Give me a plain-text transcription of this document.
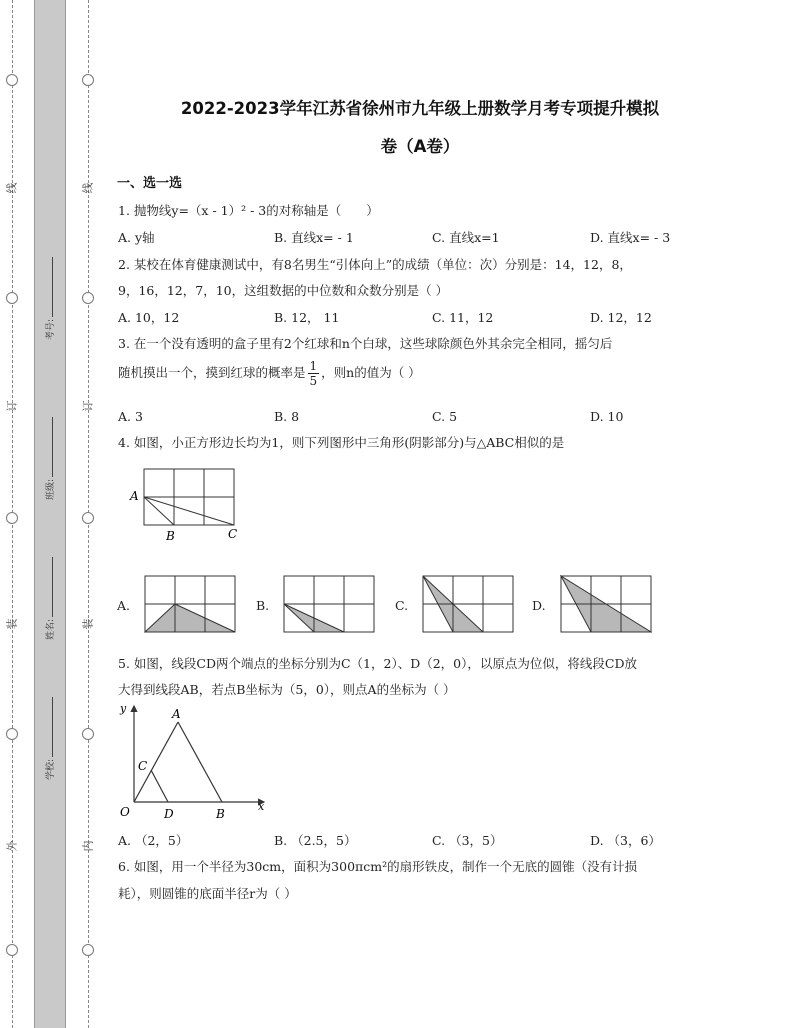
线
订
装
外
线
订
装
内
考号:
班级:
姓名:
学校:
2022-2023学年江苏省徐州市九年级上册数学月考专项提升模拟
卷（A卷）
一、选一选
1. 抛物线y=（x - 1）² - 3的对称轴是（　　）
A. y轴	B. 直线x= - 1	C. 直线x=1	D. 直线x= - 3
2. 某校在体育健康测试中，有8名男生“引体向上”的成绩（单位：次）分别是：14，12，8，
9，16，12，7，10，这组数据的中位数和众数分别是（ ）
A. 10，12	B. 12， 11	C. 11，12	D. 12，12
3. 在一个没有透明的盒子里有2个红球和n个白球，这些球除颜色外其余完全相同，摇匀后
随机摸出一个，摸到红球的概率是 $\frac{1}{5}$ ，则n的值为（ ）
A. 3	B. 8	C. 5	D. 10
4. 如图，小正方形边长均为1，则下列图形中三角形(阴影部分)与△ABC相似的是
A
B	C
A.	B.	C.	D.
5. 如图，线段CD两个端点的坐标分别为C（1，2）、D（2，0），以原点为位似，将线段CD放
大得到线段AB，若点B坐标为（5，0），则点A的坐标为（ ）
y	A
C
O	D	B
x
A. （2，5）	B. （2.5，5）	C. （3，5）	D. （3，6）
6. 如图，用一个半径为30cm，面积为300πcm²的扇形铁皮，制作一个无底的圆锥（没有计损
耗），则圆锥的底面半径r为（ ）
